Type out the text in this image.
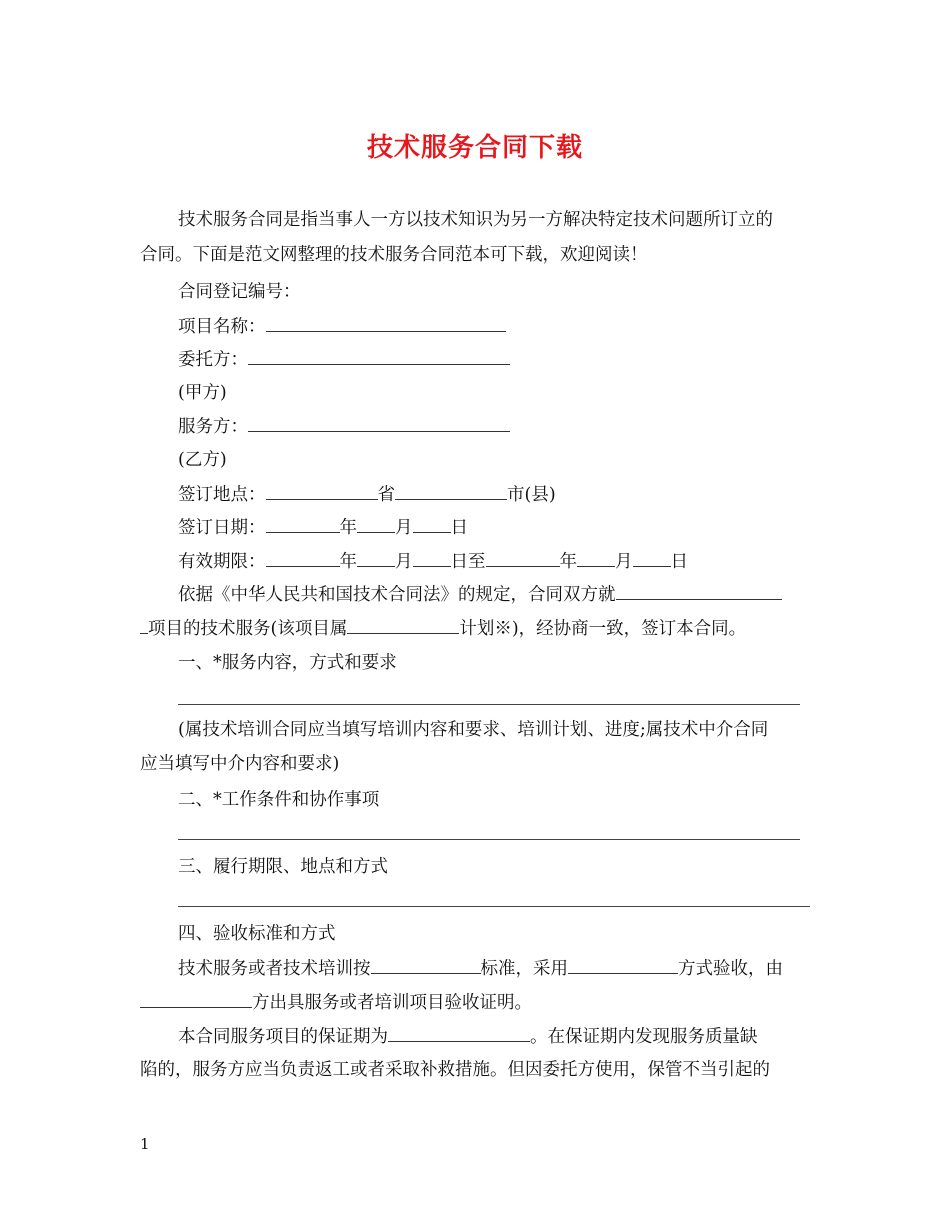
技术服务合同下载
技术服务合同是指当事人一方以技术知识为另一方解决特定技术问题所订立的
合同。下面是范文网整理的技术服务合同范本可下载，欢迎阅读！
合同登记编号：
项目名称：
委托方：
(甲方)
服务方：
(乙方)
签订地点：	省	市(县)
签订日期：	年 月 日
有效期限：	年 月 日至	年 月 日
依据《中华人民共和国技术合同法》的规定，合同双方就
项目的技术服务(该项目属	计划※)，经协商一致，签订本合同。
一、*服务内容，方式和要求
(属技术培训合同应当填写培训内容和要求、培训计划、进度;属技术中介合同
应当填写中介内容和要求)
二、*工作条件和协作事项
三、履行期限、地点和方式
四、验收标准和方式
技术服务或者技术培训按	标准，采用	方式验收，由
方出具服务或者培训项目验收证明。
本合同服务项目的保证期为	。在保证期内发现服务质量缺
陷的，服务方应当负责返工或者采取补救措施。但因委托方使用，保管不当引起的
1
